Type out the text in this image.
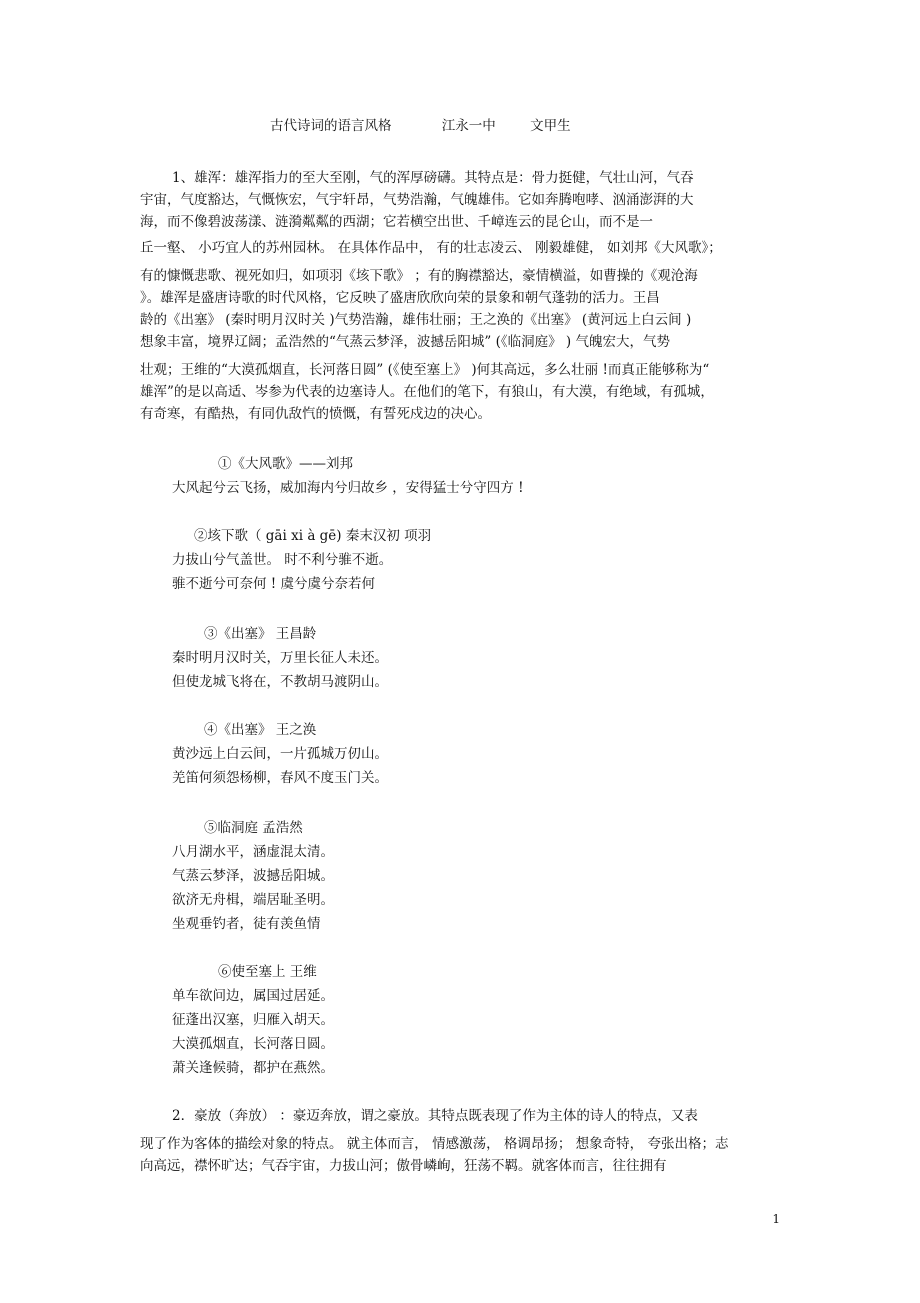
古代诗词的语言风格	江永一中	文甲生
1、雄浑：雄浑指力的至大至刚，气的浑厚磅礴。其特点是：骨力挺健，气壮山河，气吞
宇宙，气度豁达，气慨恢宏，气宇轩昂，气势浩瀚，气魄雄伟。它如奔腾咆哮、汹涌澎湃的大
海，而不像碧波荡漾、涟漪粼粼的西湖；它若横空出世、千嶂连云的昆仑山，而不是一
丘一壑、 小巧宜人的苏州园林。 在具体作品中， 有的壮志凌云、 刚毅雄健， 如刘邦《大风歌》；
有的慷慨悲歌、视死如归，如项羽《垓下歌》 ；有的胸襟豁达，豪情横溢，如曹操的《观沧海
》。雄浑是盛唐诗歌的时代风格，它反映了盛唐欣欣向荣的景象和朝气蓬勃的活力。王昌
龄的《出塞》 (秦时明月汉时关 )气势浩瀚，雄伟壮丽；王之涣的《出塞》 (黄河远上白云间 )
想象丰富，境界辽阔；孟浩然的“气蒸云梦泽，波撼岳阳城” (《临洞庭》 ) 气魄宏大，气势
壮观；王维的“大漠孤烟直，长河落日圆” (《使至塞上》 )何其高远，多么壮丽 !而真正能够称为“
雄浑”的是以高适、岑参为代表的边塞诗人。在他们的笔下，有狼山，有大漠，有绝域，有孤城，
有奇寒，有酷热，有同仇敌忾的愤慨，有誓死戍边的决心。
①《大风歌》——刘邦
大风起兮云飞扬，威加海内兮归故乡 ，安得猛士兮守四方 !
②垓下歌（ gāi xi à gē) 秦末汉初 项羽
力拔山兮气盖世。 时不利兮骓不逝。
骓不逝兮可奈何 ! 虞兮虞兮奈若何
③《出塞》 王昌龄
秦时明月汉时关，万里长征人未还。
但使龙城飞将在，不教胡马渡阴山。
④《出塞》 王之涣
黄沙远上白云间，一片孤城万仞山。
羌笛何须怨杨柳，春风不度玉门关。
⑤临洞庭 孟浩然
八月湖水平，涵虚混太清。
气蒸云梦泽，波撼岳阳城。
欲济无舟楫，端居耻圣明。
坐观垂钓者，徒有羡鱼情
⑥使至塞上 王维
单车欲问边，属国过居延。
征蓬出汉塞，归雁入胡天。
大漠孤烟直，长河落日圆。
萧关逢候骑，都护在燕然。
2．豪放（奔放） ：豪迈奔放，谓之豪放。其特点既表现了作为主体的诗人的特点，又表
现了作为客体的描绘对象的特点。 就主体而言， 情感激荡， 格调昂扬； 想象奇特， 夸张出格；志
向高远，襟怀旷达；气吞宇宙，力拔山河；傲骨嶙峋，狂荡不羁。就客体而言，往往拥有
1
